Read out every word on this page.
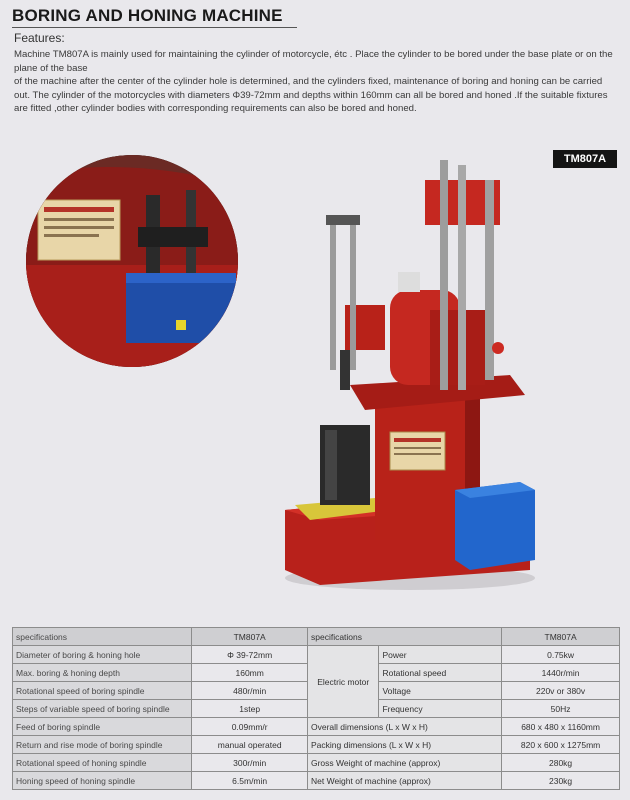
BORING AND HONING MACHINE
Features:

Machine TM807A is mainly used for maintaining the cylinder of motorcycle, étc . Place the cylinder to be bored under the base plate or on the plane of the base

of the machine after the center of the cylinder hole is determined, and the cylinders fixed, maintenance of boring and honing can be carried out. The cylinder of the motorcycles with diameters Φ39-72mm and depths within 160mm can all be bored and honed .If the suitable fixtures are fitted ,other cylinder bodies with corresponding requirements can also be bored and honed.

TM807A
specifications	TM807A	specifications		TM807A
Diameter of boring & honing hole	Φ 39-72mm	Electric motor	Power	0.75kw
Max. boring & honing depth	160mm		Rotational speed	1440r/min
Rotational speed of boring spindle	480r/min		Voltage	220v or 380v
Steps of variable speed of boring spindle	1step		Frequency	50Hz
Feed of boring spindle	0.09mm/r	Overall dimensions (L x W x H)		680 x 480 x 1160mm
Return and rise mode of boring spindle	manual operated	Packing dimensions (L x W x H)		820 x 600 x 1275mm
Rotational speed of honing spindle	300r/min	Gross Weight of machine (approx)		280kg
Honing speed of honing spindle	6.5m/min	Net Weight of machine (approx)		230kg
